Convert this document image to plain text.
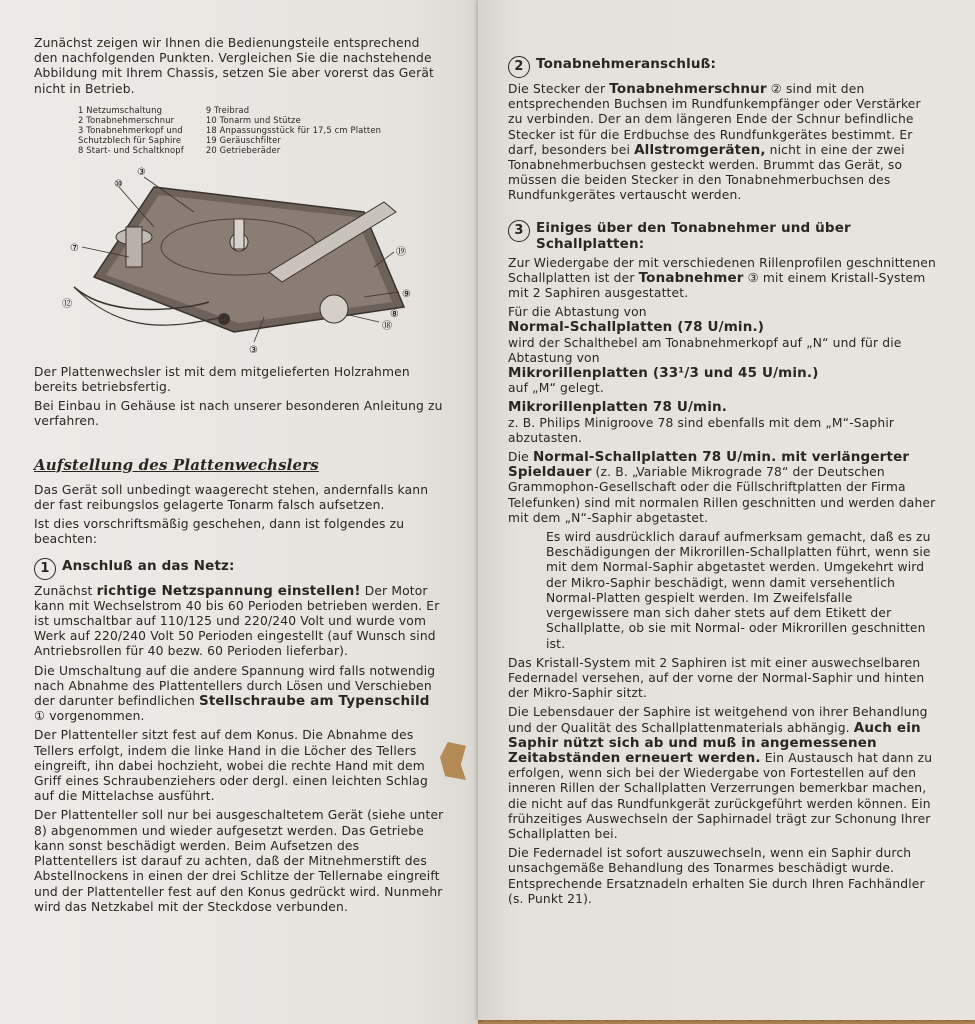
Zunächst zeigen wir Ihnen die Bedienungsteile entsprechend den nachfolgenden Punkten. Vergleichen Sie die nachstehende Abbildung mit Ihrem Chassis, setzen Sie aber vorerst das Gerät nicht in Betrieb.

1 Netzumschaltung
2 Tonabnehmerschnur
3 Tonabnehmerkopf und
Schutzblech für Saphire
8 Start- und Schaltknopf
9 Treibrad
10 Tonarm und Stütze
18 Anpassungsstück für 17,5 cm Platten
19 Geräuschfilter
20 Getrieberäder
⑩
③
⑦	⑲
⑨
⑱
⑧
⑫
③

Der Plattenwechsler ist mit dem mitgelieferten Holzrahmen bereits betriebsfertig.

Bei Einbau in Gehäuse ist nach unserer besonderen Anleitung zu verfahren.

Aufstellung des Plattenwechslers

Das Gerät soll unbedingt waagerecht stehen, andernfalls kann der fast reibungslos gelagerte Tonarm falsch aufsetzen.

Ist dies vorschriftsmäßig geschehen, dann ist folgendes zu beachten:

1 Anschluß an das Netz:

Zunächst richtige Netzspannung einstellen! Der Motor kann mit Wechselstrom 40 bis 60 Perioden betrieben werden. Er ist umschaltbar auf 110/125 und 220/240 Volt und wurde vom Werk auf 220/240 Volt 50 Perioden eingestellt (auf Wunsch sind Antriebsrollen für 40 bezw. 60 Perioden lieferbar).

Die Umschaltung auf die andere Spannung wird falls notwendig nach Abnahme des Plattentellers durch Lösen und Verschieben der darunter befindlichen Stellschraube am Typenschild ① vorgenommen.

Der Plattenteller sitzt fest auf dem Konus. Die Abnahme des Tellers erfolgt, indem die linke Hand in die Löcher des Tellers eingreift, ihn dabei hochzieht, wobei die rechte Hand mit dem Griff eines Schraubenziehers oder dergl. einen leichten Schlag auf die Mittelachse ausführt.

Der Plattenteller soll nur bei ausgeschaltetem Gerät (siehe unter 8) abgenommen und wieder aufgesetzt werden. Das Getriebe kann sonst beschädigt werden. Beim Aufsetzen des Plattentellers ist darauf zu achten, daß der Mitnehmerstift des Abstellnockens in einen der drei Schlitze der Tellernabe eingreift und der Plattenteller fest auf den Konus gedrückt wird. Nunmehr wird das Netzkabel mit der Steckdose verbunden.

2 Tonabnehmeranschluß:

Die Stecker der Tonabnehmerschnur ② sind mit den entsprechenden Buchsen im Rundfunkempfänger oder Verstärker zu verbinden. Der an dem längeren Ende der Schnur befindliche Stecker ist für die Erdbuchse des Rundfunkgerätes bestimmt. Er darf, besonders bei Allstromgeräten, nicht in eine der zwei Tonabnehmerbuchsen gesteckt werden. Brummt das Gerät, so müssen die beiden Stecker in den Tonabnehmerbuchsen des Rundfunkgerätes vertauscht werden.

3 Einiges über den Tonabnehmer und über Schallplatten:

Zur Wiedergabe der mit verschiedenen Rillenprofilen geschnittenen Schallplatten ist der Tonabnehmer ③ mit einem Kristall-System mit 2 Saphiren ausgestattet.

Für die Abtastung von

Normal-Schallplatten (78 U/min.)

wird der Schalthebel am Tonabnehmerkopf auf „N“ und für die Abtastung von

Mikrorillenplatten (33¹/3 und 45 U/min.)

auf „M“ gelegt.

Mikrorillenplatten 78 U/min.

z. B. Philips Minigroove 78 sind ebenfalls mit dem „M“-Saphir abzutasten.

Die Normal-Schallplatten 78 U/min. mit verlängerter Spieldauer (z. B. „Variable Mikrograde 78“ der Deutschen Grammophon-Gesellschaft oder die Füllschriftplatten der Firma Telefunken) sind mit normalen Rillen geschnitten und werden daher mit dem „N“-Saphir abgetastet.

Es wird ausdrücklich darauf aufmerksam gemacht, daß es zu Beschädigungen der Mikrorillen-Schallplatten führt, wenn sie mit dem Normal-Saphir abgetastet werden. Umgekehrt wird der Mikro-Saphir beschädigt, wenn damit versehentlich Normal-Platten gespielt werden. Im Zweifelsfalle vergewissere man sich daher stets auf dem Etikett der Schallplatte, ob sie mit Normal- oder Mikrorillen geschnitten ist.

Das Kristall-System mit 2 Saphiren ist mit einer auswechselbaren Federnadel versehen, auf der vorne der Normal-Saphir und hinten der Mikro-Saphir sitzt.

Die Lebensdauer der Saphire ist weitgehend von ihrer Behandlung und der Qualität des Schallplattenmaterials abhängig. Auch ein Saphir nützt sich ab und muß in angemessenen Zeitabständen erneuert werden. Ein Austausch hat dann zu erfolgen, wenn sich bei der Wiedergabe von Fortestellen auf den inneren Rillen der Schallplatten Verzerrungen bemerkbar machen, die nicht auf das Rundfunkgerät zurückgeführt werden können. Ein frühzeitiges Auswechseln der Saphirnadel trägt zur Schonung Ihrer Schallplatten bei.

Die Federnadel ist sofort auszuwechseln, wenn ein Saphir durch unsachgemäße Behandlung des Tonarmes beschädigt wurde. Entsprechende Ersatznadeln erhalten Sie durch Ihren Fachhändler (s. Punkt 21).
